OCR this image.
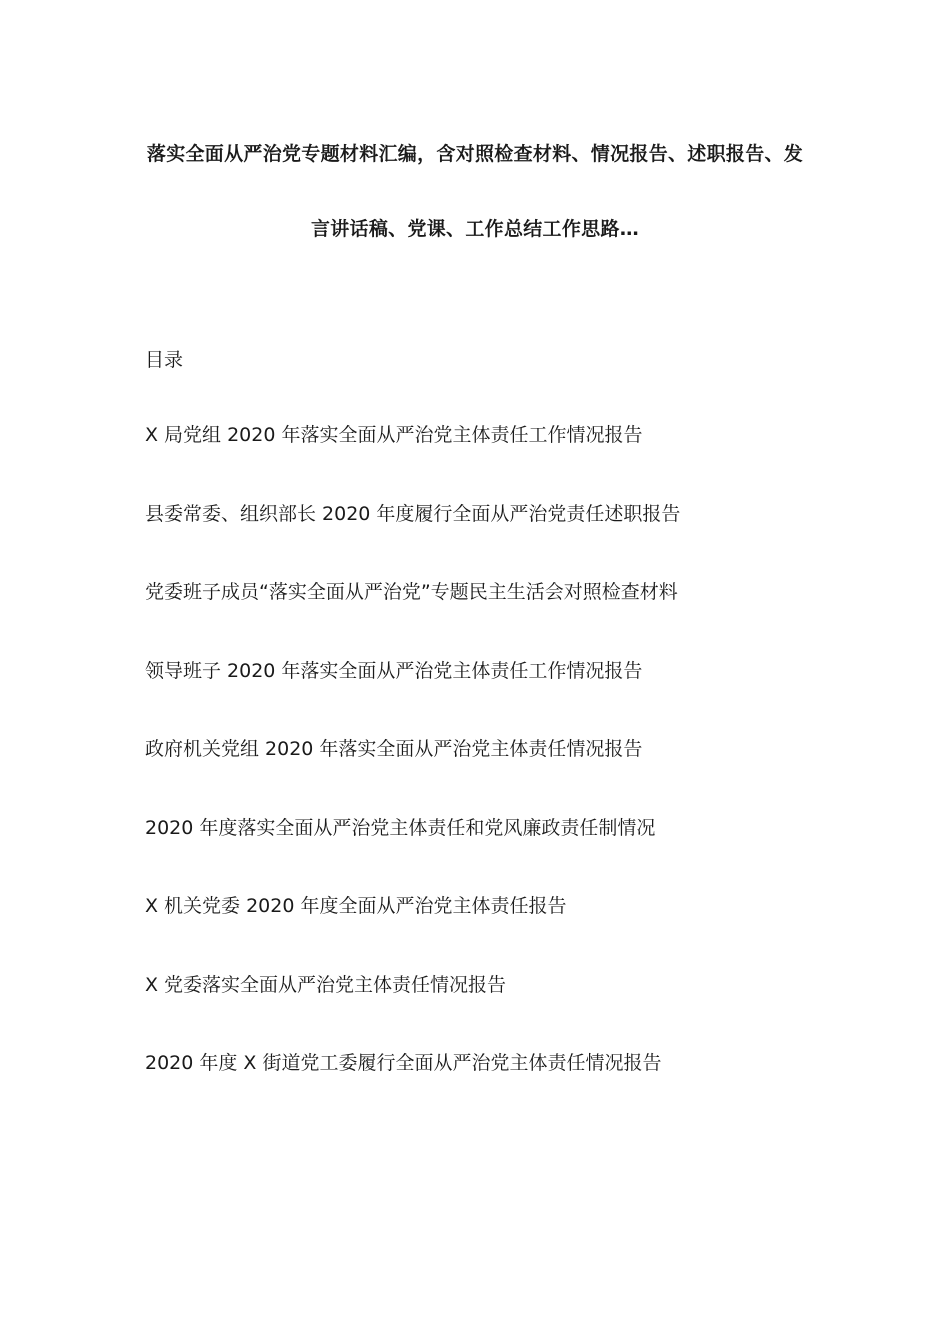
落实全面从严治党专题材料汇编，含对照检查材料、情况报告、述职报告、发
言讲话稿、党课、工作总结工作思路…
目录
X 局党组 2020 年落实全面从严治党主体责任工作情况报告
县委常委、组织部长 2020 年度履行全面从严治党责任述职报告
党委班子成员“落实全面从严治党”专题民主生活会对照检查材料
领导班子 2020 年落实全面从严治党主体责任工作情况报告
政府机关党组 2020 年落实全面从严治党主体责任情况报告
2020 年度落实全面从严治党主体责任和党风廉政责任制情况
X 机关党委 2020 年度全面从严治党主体责任报告
X 党委落实全面从严治党主体责任情况报告
2020 年度 X 街道党工委履行全面从严治党主体责任情况报告
